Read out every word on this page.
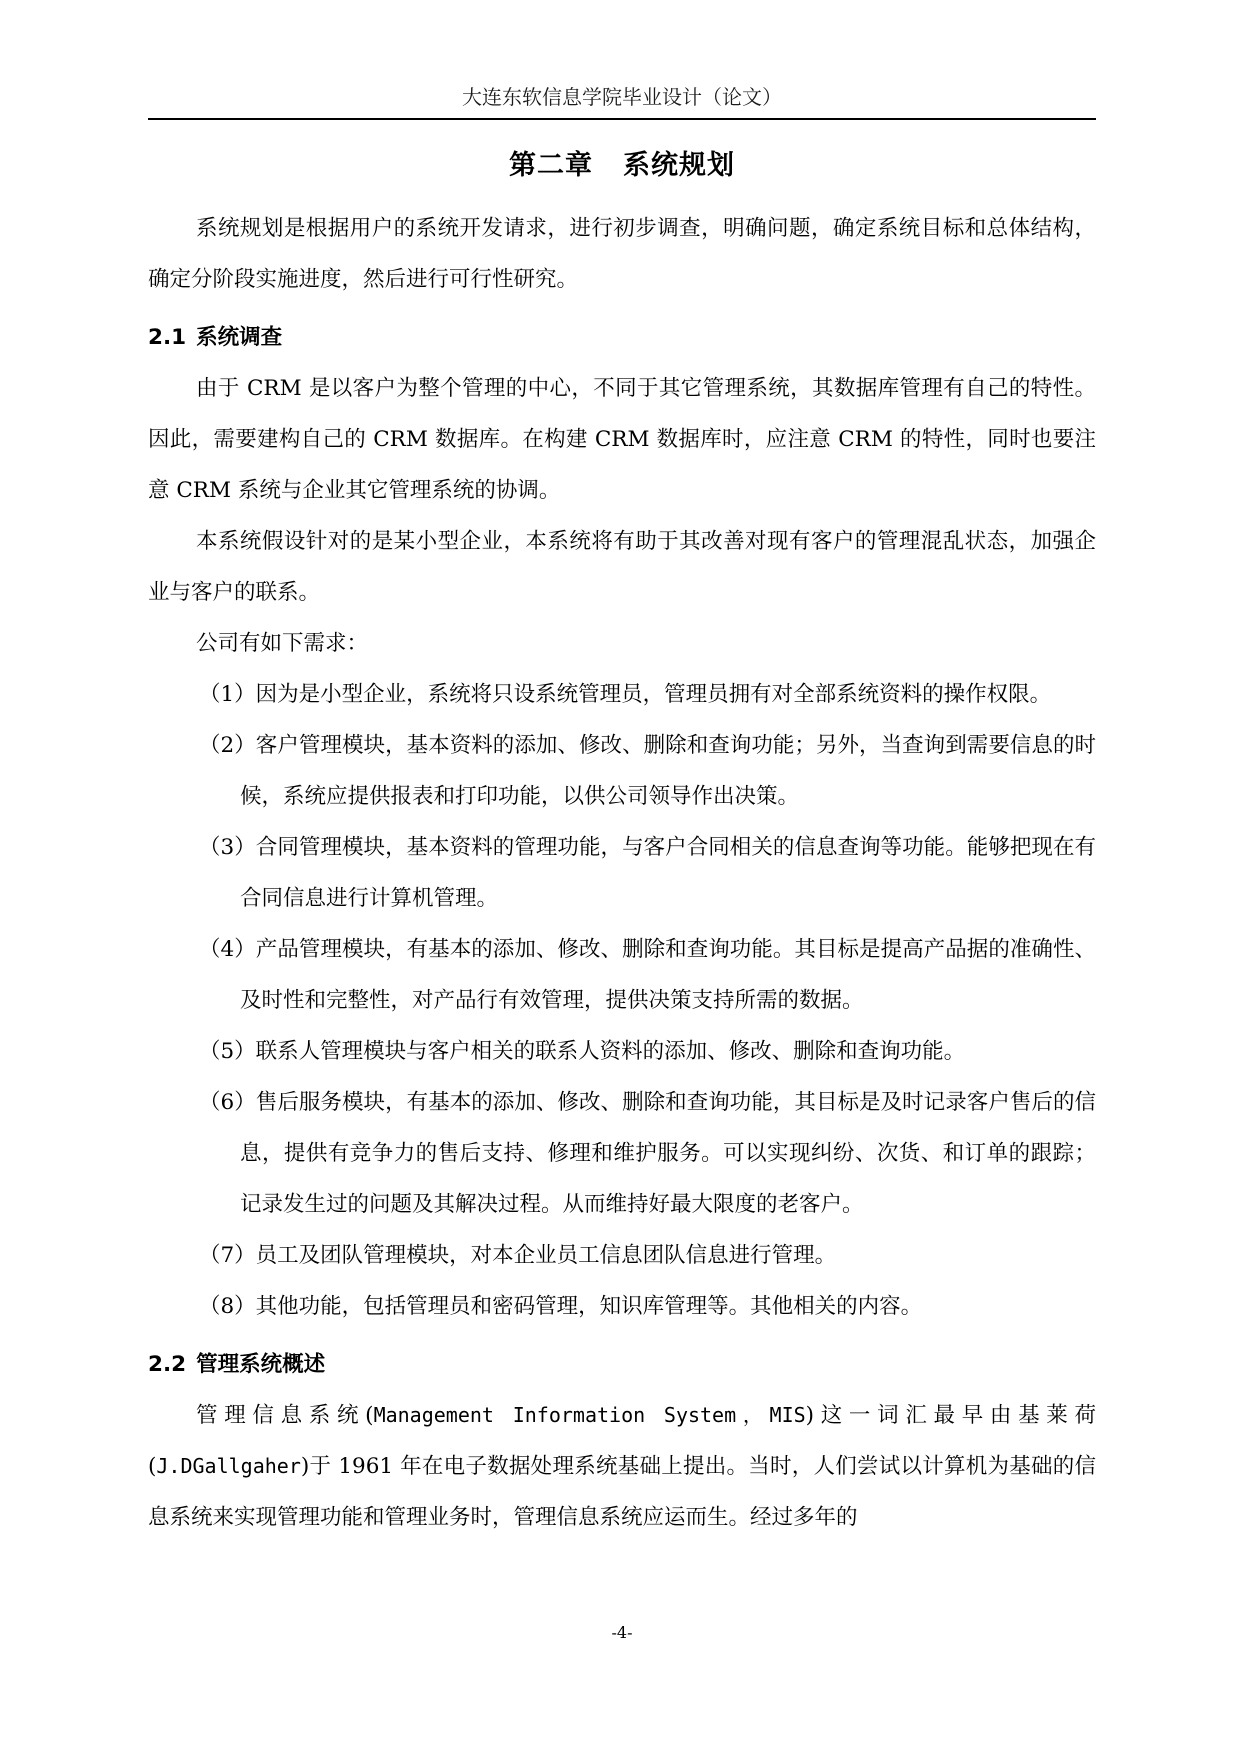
大连东软信息学院毕业设计（论文）
第二章 系统规划

系统规划是根据用户的系统开发请求，进行初步调查，明确问题，确定系统目标和总体结构，确定分阶段实施进度，然后进行可行性研究。

2.1 系统调查

由于 CRM 是以客户为整个管理的中心，不同于其它管理系统，其数据库管理有自己的特性。因此，需要建构自己的 CRM 数据库。在构建 CRM 数据库时，应注意 CRM 的特性，同时也要注意 CRM 系统与企业其它管理系统的协调。

本系统假设针对的是某小型企业，本系统将有助于其改善对现有客户的管理混乱状态，加强企业与客户的联系。

公司有如下需求：

（1）因为是小型企业，系统将只设系统管理员，管理员拥有对全部系统资料的操作权限。

（2）客户管理模块，基本资料的添加、修改、删除和查询功能；另外，当查询到需要信息的时候，系统应提供报表和打印功能，以供公司领导作出决策。

（3）合同管理模块，基本资料的管理功能，与客户合同相关的信息查询等功能。能够把现在有合同信息进行计算机管理。

（4）产品管理模块，有基本的添加、修改、删除和查询功能。其目标是提高产品据的准确性、及时性和完整性，对产品行有效管理，提供决策支持所需的数据。

（5）联系人管理模块与客户相关的联系人资料的添加、修改、删除和查询功能。

（6）售后服务模块，有基本的添加、修改、删除和查询功能，其目标是及时记录客户售后的信息，提供有竞争力的售后支持、修理和维护服务。可以实现纠纷、次货、和订单的跟踪；记录发生过的问题及其解决过程。从而维持好最大限度的老客户。

（7）员工及团队管理模块，对本企业员工信息团队信息进行管理。

（8）其他功能，包括管理员和密码管理，知识库管理等。其他相关的内容。

2.2 管理系统概述

管理信息系统(Management Information System，MIS)这一词汇最早由基莱荷(J.DGallgaher)于 1961 年在电子数据处理系统基础上提出。当时，人们尝试以计算机为基础的信息系统来实现管理功能和管理业务时，管理信息系统应运而生。经过多年的

-4-
